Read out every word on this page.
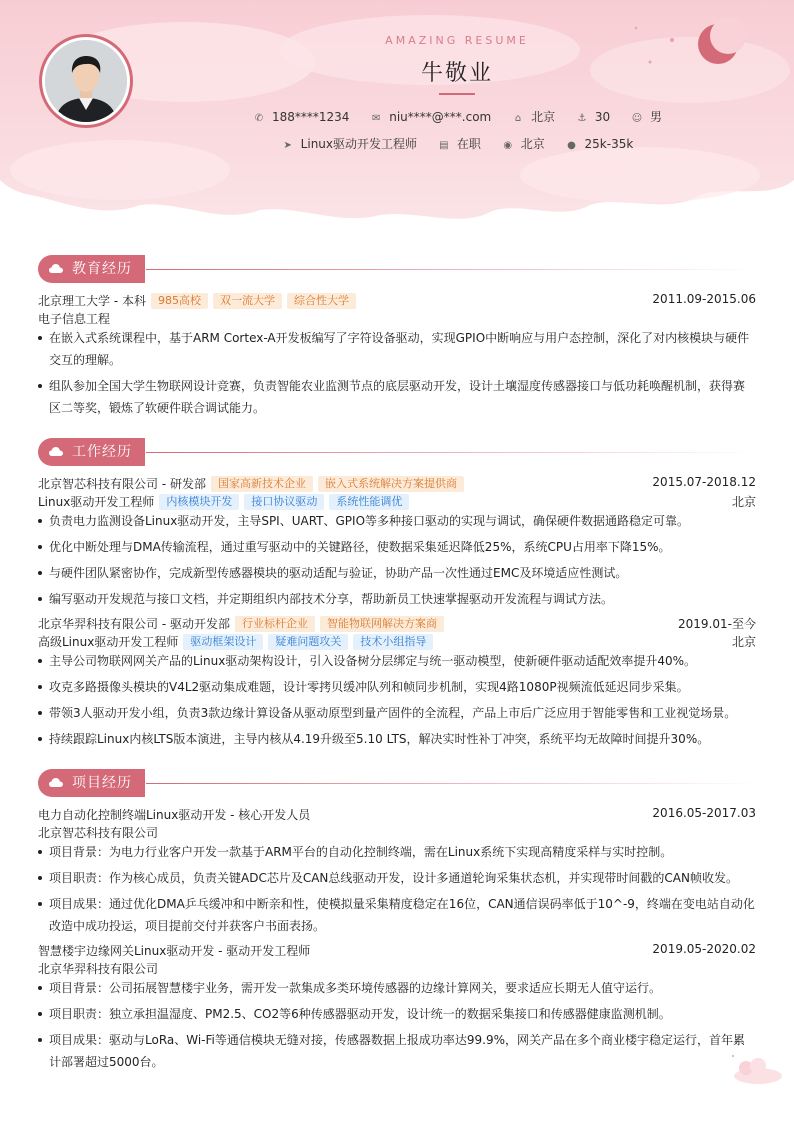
AMAZING RESUME
牛敬业
✆ 188****1234 ✉ niu****@***.com ⌂ 北京 ⚓ 30 ☺ 男
➤ Linux驱动开发工程师 ▤ 在职 ◉ 北京 ● 25k-35k
教育经历
北京理工大学 - 本科 985高校 双一流大学 综合性大学	2011.09-2015.06
电子信息工程
在嵌入式系统课程中，基于ARM Cortex-A开发板编写了字符设备驱动，实现GPIO中断响应与用户态控制，深化了对内核模块与硬件交互的理解。
组队参加全国大学生物联网设计竞赛，负责智能农业监测节点的底层驱动开发，设计土壤湿度传感器接口与低功耗唤醒机制，获得赛区二等奖，锻炼了软硬件联合调试能力。
工作经历
北京智芯科技有限公司 - 研发部 国家高新技术企业 嵌入式系统解决方案提供商	2015.07-2018.12
Linux驱动开发工程师 内核模块开发 接口协议驱动 系统性能调优	北京
负责电力监测设备Linux驱动开发，主导SPI、UART、GPIO等多种接口驱动的实现与调试，确保硬件数据通路稳定可靠。
优化中断处理与DMA传输流程，通过重写驱动中的关键路径，使数据采集延迟降低25%，系统CPU占用率下降15%。
与硬件团队紧密协作，完成新型传感器模块的驱动适配与验证，协助产品一次性通过EMC及环境适应性测试。
编写驱动开发规范与接口文档，并定期组织内部技术分享，帮助新员工快速掌握驱动开发流程与调试方法。
北京华羿科技有限公司 - 驱动开发部 行业标杆企业 智能物联网解决方案商	2019.01-至今
高级Linux驱动开发工程师 驱动框架设计 疑难问题攻关 技术小组指导	北京
主导公司物联网网关产品的Linux驱动架构设计，引入设备树分层绑定与统一驱动模型，使新硬件驱动适配效率提升40%。
攻克多路摄像头模块的V4L2驱动集成难题，设计零拷贝缓冲队列和帧同步机制，实现4路1080P视频流低延迟同步采集。
带领3人驱动开发小组，负责3款边缘计算设备从驱动原型到量产固件的全流程，产品上市后广泛应用于智能零售和工业视觉场景。
持续跟踪Linux内核LTS版本演进，主导内核从4.19升级至5.10 LTS，解决实时性补丁冲突，系统平均无故障时间提升30%。
项目经历
电力自动化控制终端Linux驱动开发 - 核心开发人员	2016.05-2017.03
北京智芯科技有限公司
项目背景：为电力行业客户开发一款基于ARM平台的自动化控制终端，需在Linux系统下实现高精度采样与实时控制。
项目职责：作为核心成员，负责关键ADC芯片及CAN总线驱动开发，设计多通道轮询采集状态机，并实现带时间戳的CAN帧收发。
项目成果：通过优化DMA乒乓缓冲和中断亲和性，使模拟量采集精度稳定在16位，CAN通信误码率低于10^-9，终端在变电站自动化改造中成功投运，项目提前交付并获客户书面表扬。
智慧楼宇边缘网关Linux驱动开发 - 驱动开发工程师	2019.05-2020.02
北京华羿科技有限公司
项目背景：公司拓展智慧楼宇业务，需开发一款集成多类环境传感器的边缘计算网关，要求适应长期无人值守运行。
项目职责：独立承担温湿度、PM2.5、CO2等6种传感器驱动开发，设计统一的数据采集接口和传感器健康监测机制。
项目成果：驱动与LoRa、Wi-Fi等通信模块无缝对接，传感器数据上报成功率达99.9%，网关产品在多个商业楼宇稳定运行，首年累计部署超过5000台。
